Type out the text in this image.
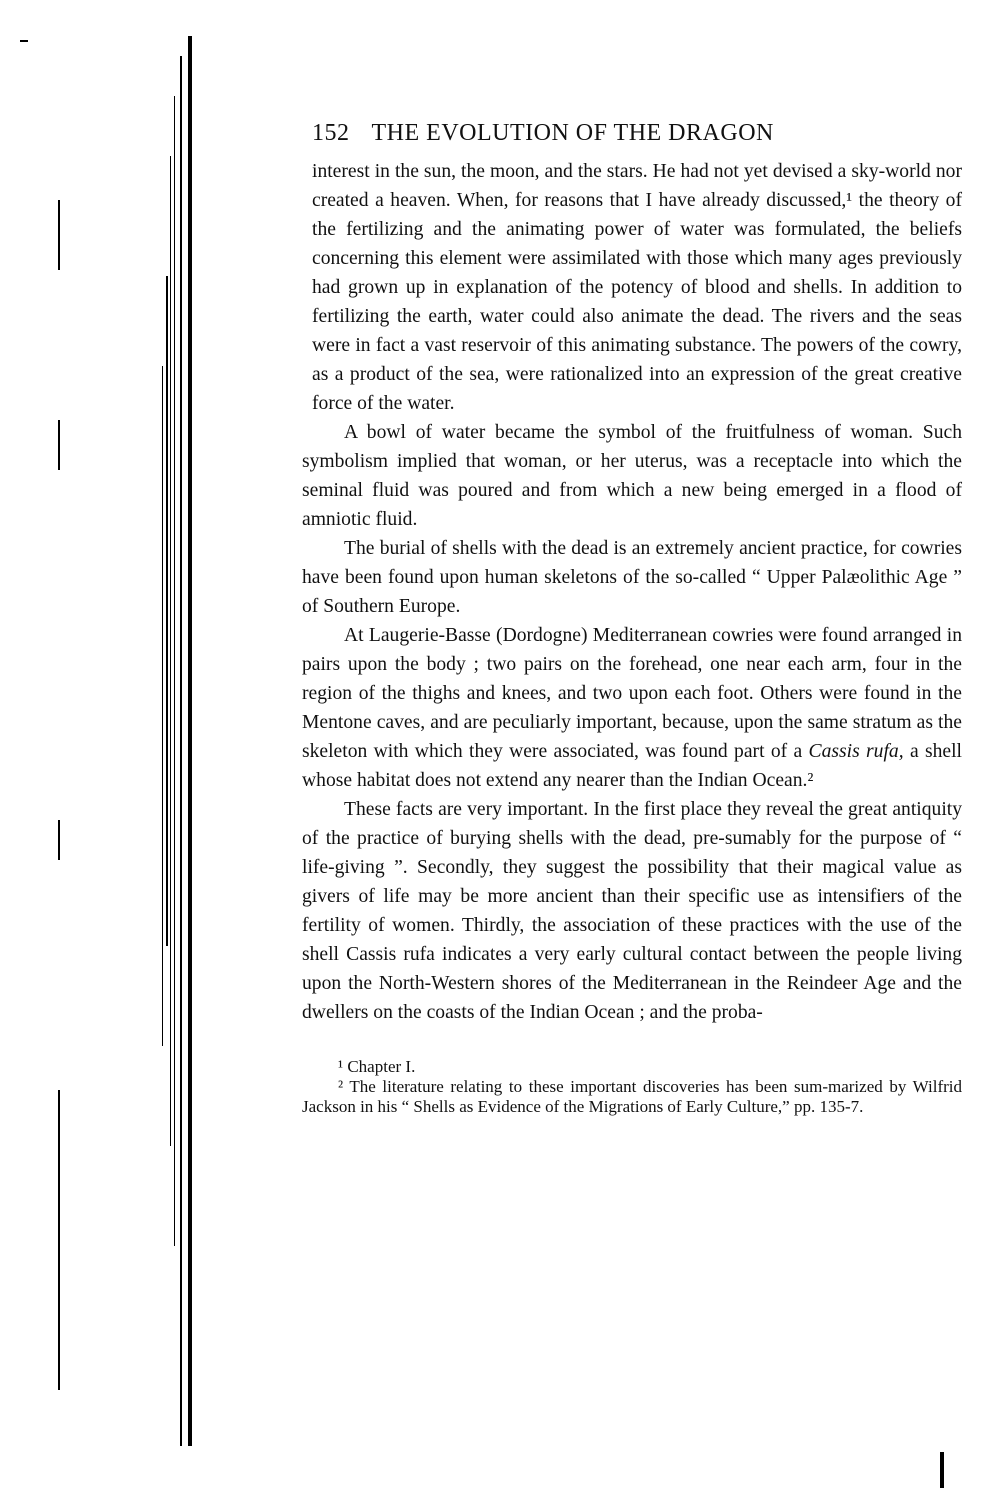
152 THE EVOLUTION OF THE DRAGON

interest in the sun, the moon, and the stars. He had not yet devised a sky-world nor created a heaven. When, for reasons that I have already discussed,¹ the theory of the fertilizing and the animating power of water was formulated, the beliefs concerning this element were assimilated with those which many ages previously had grown up in explanation of the potency of blood and shells. In addition to fertilizing the earth, water could also animate the dead. The rivers and the seas were in fact a vast reservoir of this animating substance. The powers of the cowry, as a product of the sea, were rationalized into an expression of the great creative force of the water.

A bowl of water became the symbol of the fruitfulness of woman. Such symbolism implied that woman, or her uterus, was a receptacle into which the seminal fluid was poured and from which a new being emerged in a flood of amniotic fluid.

The burial of shells with the dead is an extremely ancient practice, for cowries have been found upon human skeletons of the so-called “ Upper Palæolithic Age ” of Southern Europe.

At Laugerie-Basse (Dordogne) Mediterranean cowries were found arranged in pairs upon the body ; two pairs on the forehead, one near each arm, four in the region of the thighs and knees, and two upon each foot. Others were found in the Mentone caves, and are peculiarly important, because, upon the same stratum as the skeleton with which they were associated, was found part of a Cassis rufa, a shell whose habitat does not extend any nearer than the Indian Ocean.²

These facts are very important. In the first place they reveal the great antiquity of the practice of burying shells with the dead, pre-sumably for the purpose of “ life-giving ”. Secondly, they suggest the possibility that their magical value as givers of life may be more ancient than their specific use as intensifiers of the fertility of women. Thirdly, the association of these practices with the use of the shell Cassis rufa indicates a very early cultural contact between the people living upon the North-Western shores of the Mediterranean in the Reindeer Age and the dwellers on the coasts of the Indian Ocean ; and the proba-

¹ Chapter I.
² The literature relating to these important discoveries has been sum-marized by Wilfrid Jackson in his “ Shells as Evidence of the Migrations of Early Culture,” pp. 135-7.
